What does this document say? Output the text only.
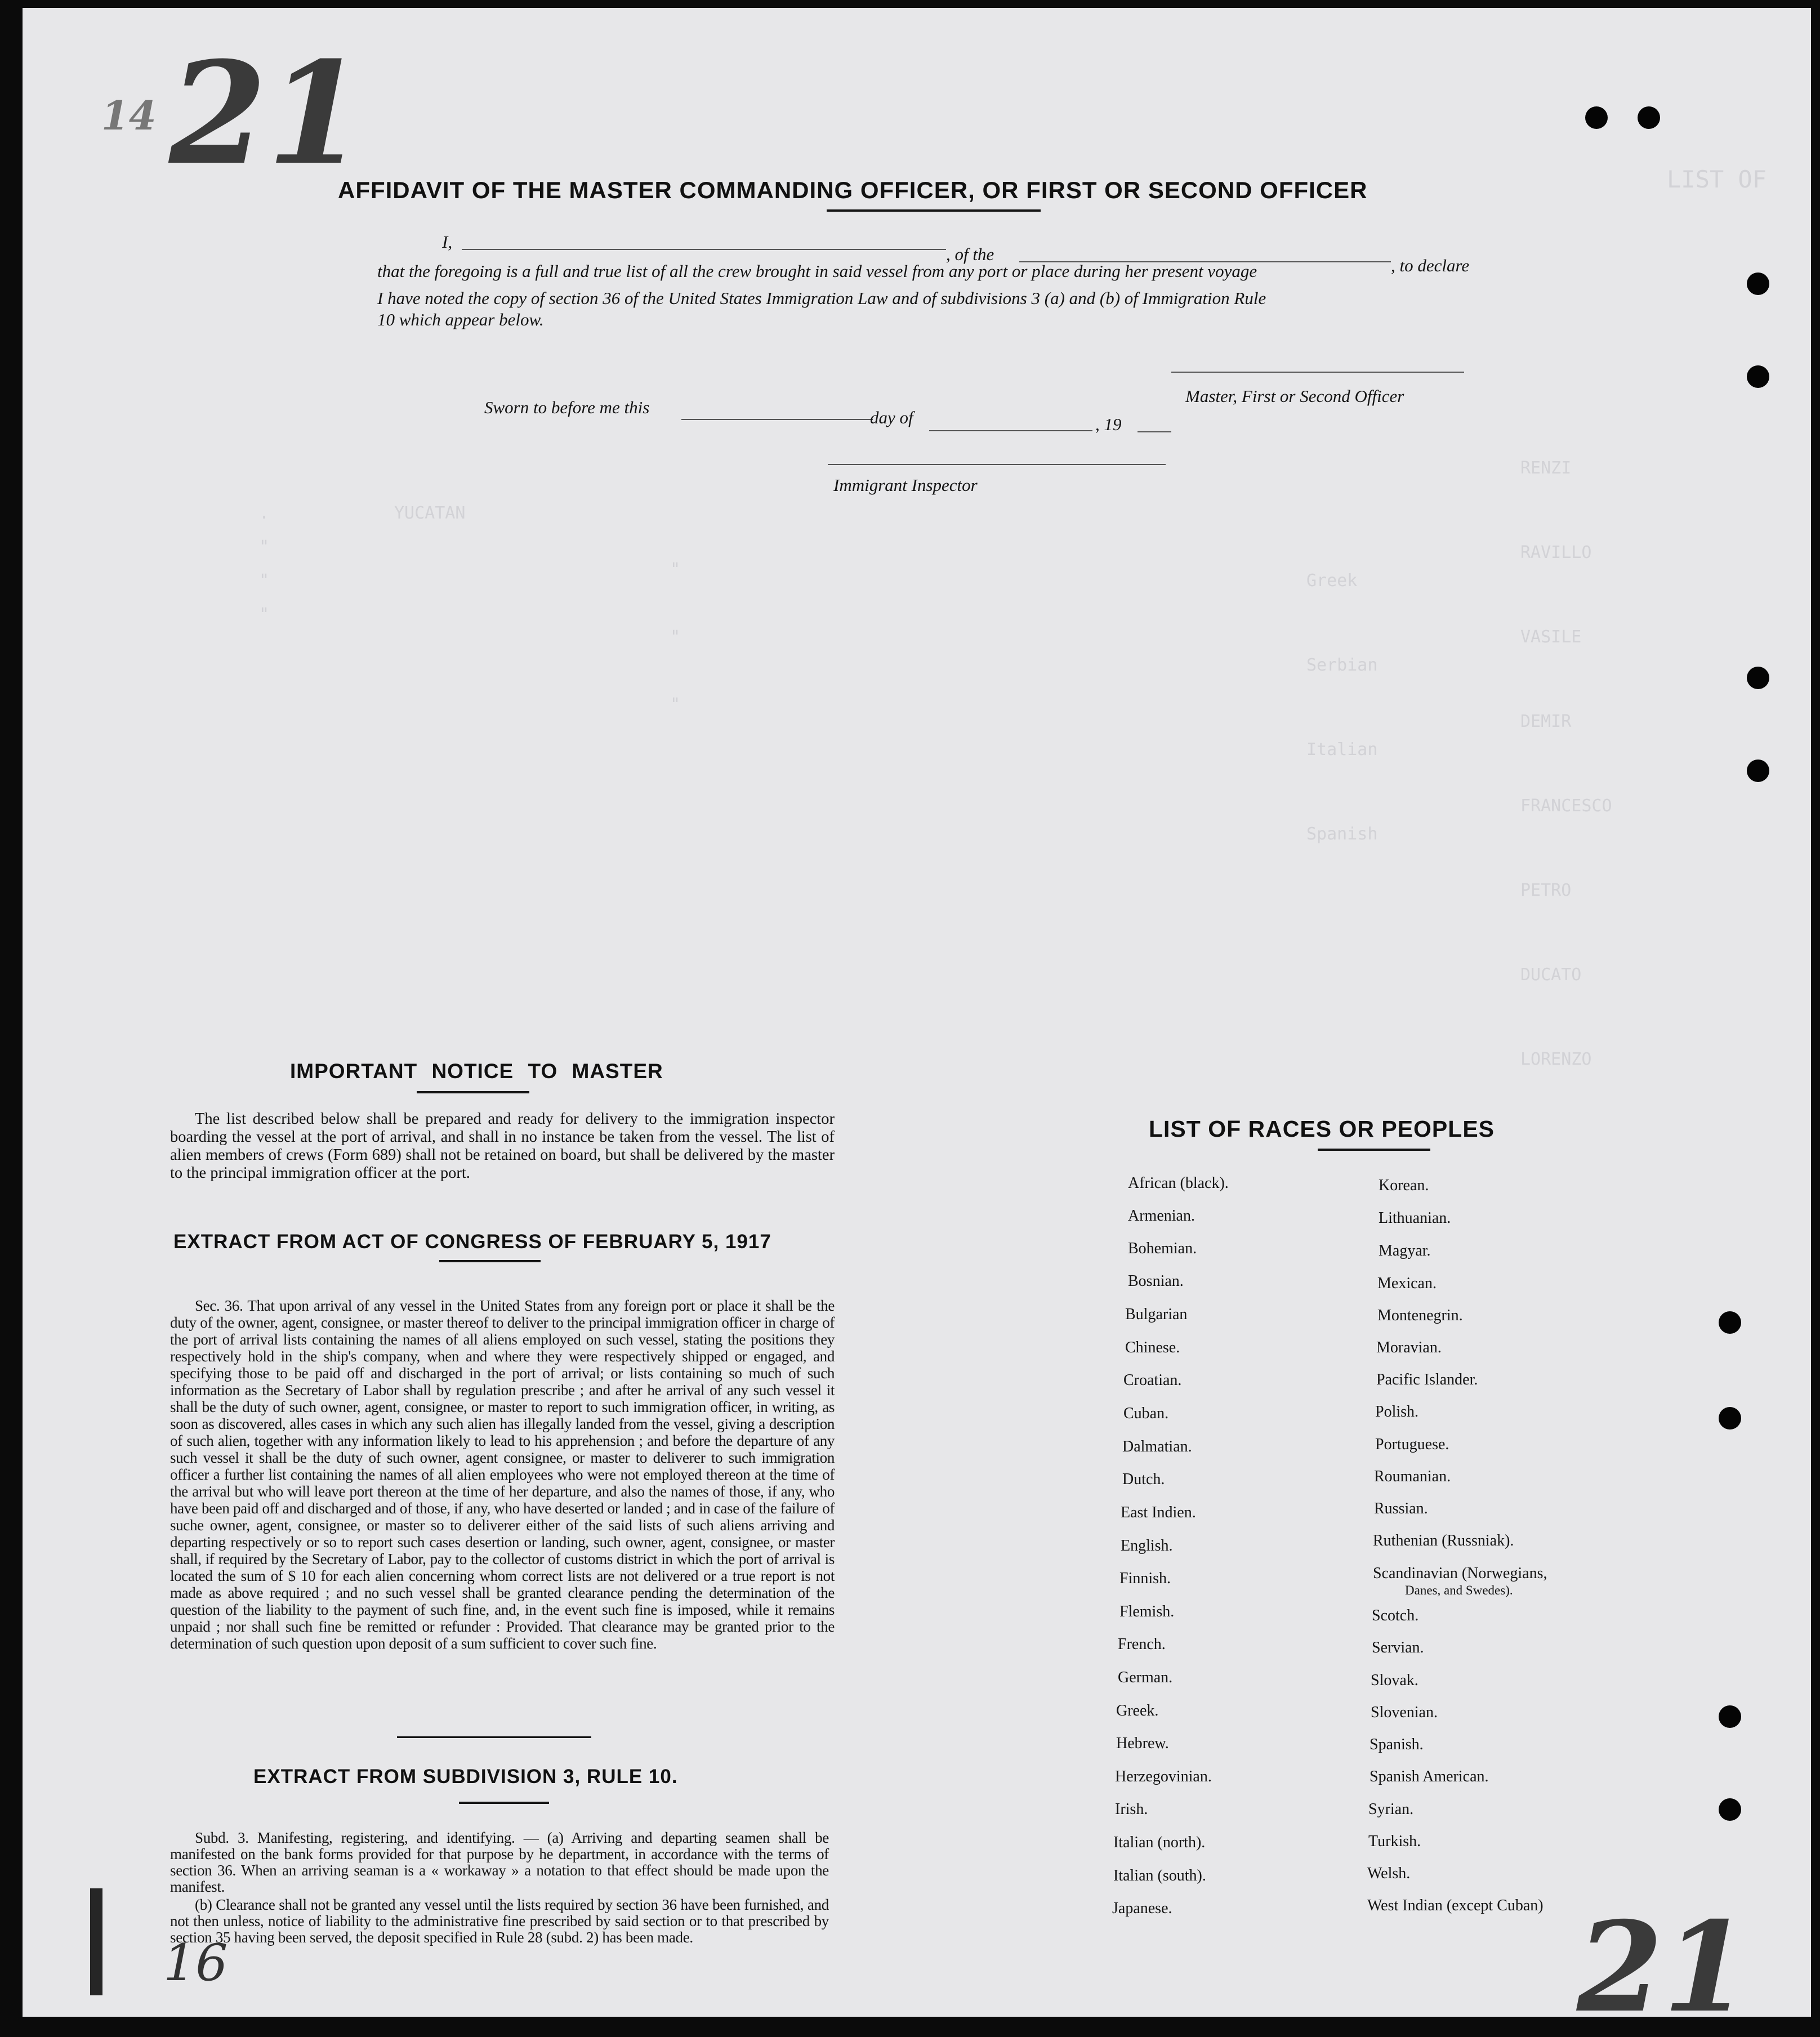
LIST OF
RENZI
RAVILLO
VASILE
DEMIR
FRANCESCO
PETRO
DUCATO
LORENZO
Greek
Serbian
Italian
Spanish
.
"
"
"
YUCATAN
"
"
"
14 21
21
16
AFFIDAVIT OF THE MASTER COMMANDING OFFICER, OR FIRST OR SECOND OFFICER
I,
, of the
, to declare
that the foregoing is a full and true list of all the crew brought in said vessel from any port or place during her present voyage
I have noted the copy of section 36 of the United States Immigration Law and of subdivisions 3 (a) and (b) of Immigration Rule
10 which appear below.
Master, First or Second Officer
Sworn to before me this
day of	, 19
Immigrant Inspector
IMPORTANT NOTICE TO MASTER
The list described below shall be prepared and ready for delivery to the immigration inspector boarding the vessel at the port of arrival, and shall in no instance be taken from the vessel. The list of alien members of crews (Form 689) shall not be retained on board, but shall be delivered by the master to the principal immigration officer at the port.
EXTRACT FROM ACT OF CONGRESS OF FEBRUARY 5, 1917
Sec. 36. That upon arrival of any vessel in the United States from any foreign port or place it shall be the duty of the owner, agent, consignee, or master thereof to deliver to the principal immigration officer in charge of the port of arrival lists containing the names of all aliens employed on such vessel, stating the positions they respectively hold in the ship's company, when and where they were respectively shipped or engaged, and specifying those to be paid off and discharged in the port of arrival; or lists containing so much of such information as the Secretary of Labor shall by regulation prescribe ; and after he arrival of any such vessel it shall be the duty of such owner, agent, consignee, or master to report to such immigration officer, in writing, as soon as discovered, alles cases in which any such alien has illegally landed from the vessel, giving a description of such alien, together with any information likely to lead to his apprehension ; and before the departure of any such vessel it shall be the duty of such owner, agent consignee, or master to deliverer to such immigration officer a further list containing the names of all alien employees who were not employed thereon at the time of the arrival but who will leave port thereon at the time of her departure, and also the names of those, if any, who have been paid off and discharged and of those, if any, who have deserted or landed ; and in case of the failure of suche owner, agent, consignee, or master so to deliverer either of the said lists of such aliens arriving and departing respectively or so to report such cases desertion or landing, such owner, agent, consignee, or master shall, if required by the Secretary of Labor, pay to the collector of customs district in which the port of arrival is located the sum of $ 10 for each alien concerning whom correct lists are not delivered or a true report is not made as above required ; and no such vessel shall be granted clearance pending the determination of the question of the liability to the payment of such fine, and, in the event such fine is imposed, while it remains unpaid ; nor shall such fine be remitted or refunder : Provided. That clearance may be granted prior to the determination of such question upon deposit of a sum sufficient to cover such fine.
EXTRACT FROM SUBDIVISION 3, RULE 10.
Subd. 3. Manifesting, registering, and identifying. — (a) Arriving and departing seamen shall be manifested on the bank forms provided for that purpose by he department, in accordance with the terms of section 36. When an arriving seaman is a « workaway » a notation to that effect should be made upon the manifest.
(b) Clearance shall not be granted any vessel until the lists required by section 36 have been furnished, and not then unless, notice of liability to the administrative fine prescribed by said section or to that prescribed by section 35 having been served, the deposit specified in Rule 28 (subd. 2) has been made.
LIST OF RACES OR PEOPLES
African (black).
Armenian.
Bohemian.
Bosnian.
Bulgarian
Chinese.
Croatian.
Cuban.
Dalmatian.
Dutch.
East Indien.
English.
Finnish.
Flemish.
French.
German.
Greek.
Hebrew.
Herzegovinian.
Irish.
Italian (north).
Italian (south).
Japanese.
Korean.
Lithuanian.
Magyar.
Mexican.
Montenegrin.
Moravian.
Pacific Islander.
Polish.
Portuguese.
Roumanian.
Russian.
Ruthenian (Russniak).
Scandinavian (Norwegians,
Danes, and Swedes).
Scotch.
Servian.
Slovak.
Slovenian.
Spanish.
Spanish American.
Syrian.
Turkish.
Welsh.
West Indian (except Cuban)
